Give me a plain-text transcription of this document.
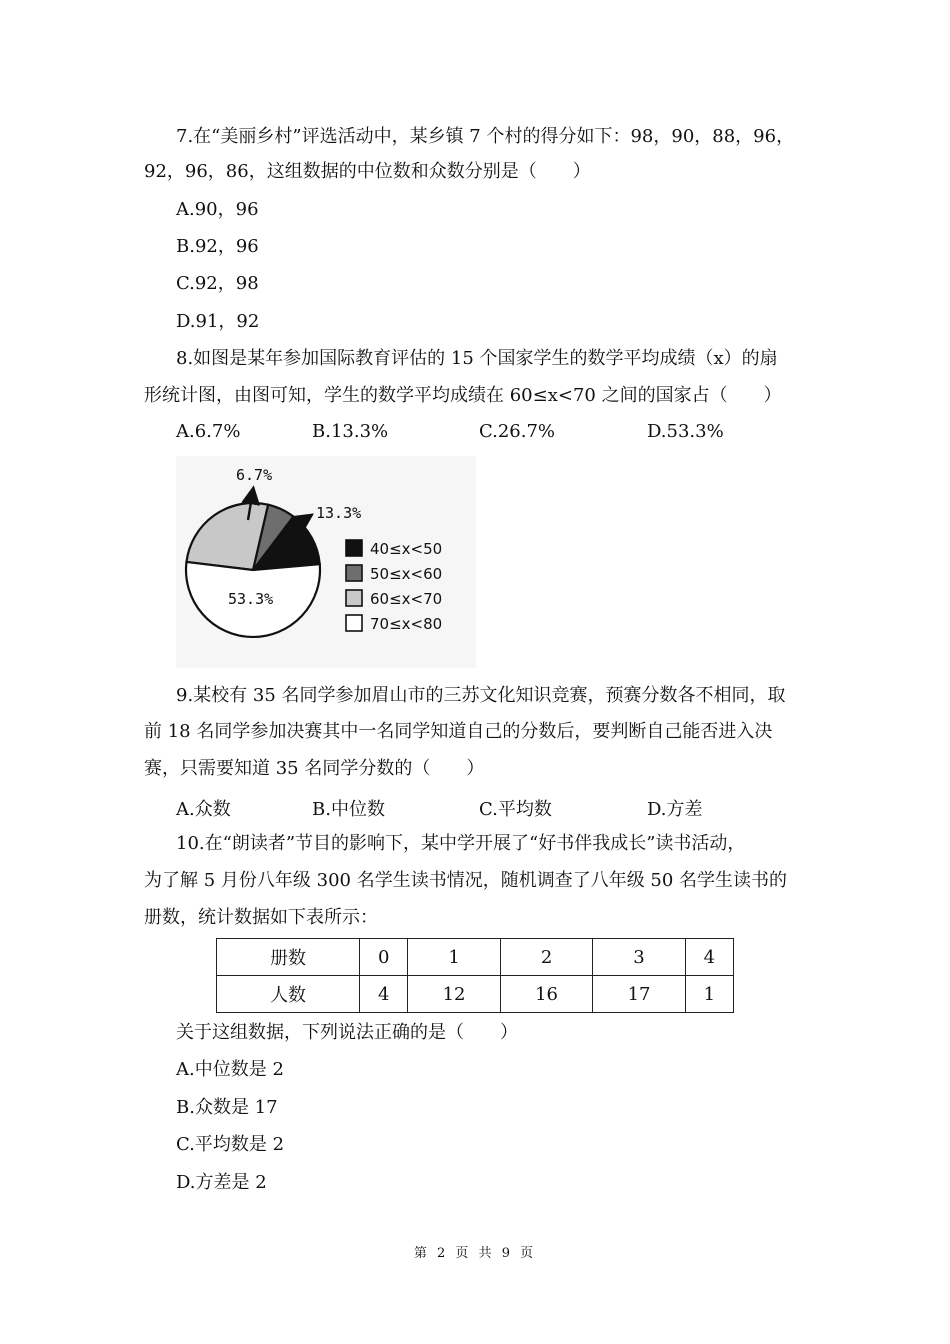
7.在“美丽乡村”评选活动中，某乡镇 7 个村的得分如下：98，90，88，96，
92，96，86，这组数据的中位数和众数分别是（　　）
A.90，96
B.92，96
C.92，98
D.91，92
8.如图是某年参加国际教育评估的 15 个国家学生的数学平均成绩（x）的扇
形统计图，由图可知，学生的数学平均成绩在 60≤x<70 之间的国家占（　　）
A.6.7%	B.13.3%	C.26.7%	D.53.3%
53.3%
6.7%
13.3%
40≤x<50
50≤x<60
60≤x<70
70≤x<80
9.某校有 35 名同学参加眉山市的三苏文化知识竞赛，预赛分数各不相同，取
前 18 名同学参加决赛其中一名同学知道自己的分数后，要判断自己能否进入决
赛，只需要知道 35 名同学分数的（　　）
A.众数	B.中位数	C.平均数	D.方差
10.在“朗读者”节目的影响下，某中学开展了“好书伴我成长”读书活动，
为了解 5 月份八年级 300 名学生读书情况，随机调查了八年级 50 名学生读书的
册数，统计数据如下表所示：
册数	0	1	2	3	4
人数	4	12	16	17	1
关于这组数据，下列说法正确的是（　　）
A.中位数是 2
B.众数是 17
C.平均数是 2
D.方差是 2
第 2 页 共 9 页
